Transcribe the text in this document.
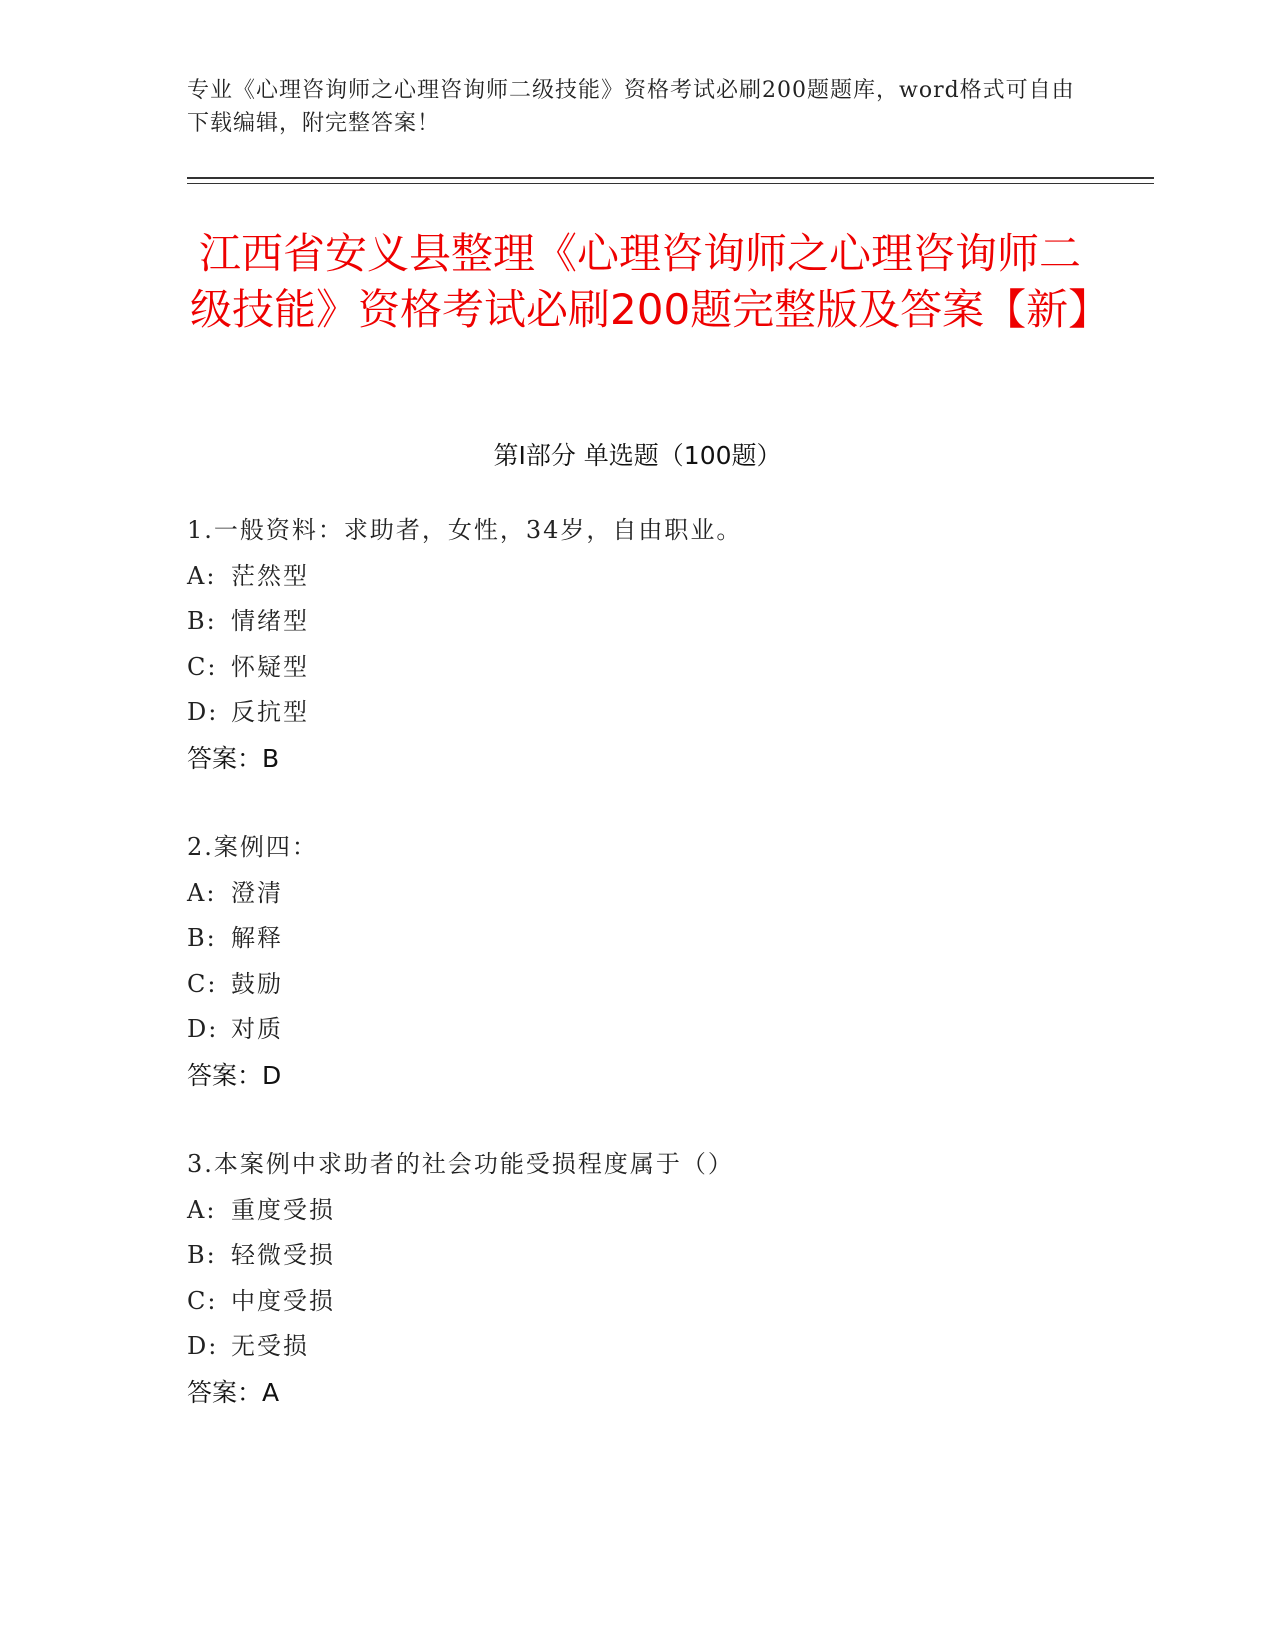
专业《心理咨询师之心理咨询师二级技能》资格考试必刷200题题库，word格式可自由下载编辑，附完整答案！
江西省安义县整理《心理咨询师之心理咨询师二级技能》资格考试必刷200题完整版及答案【新】
第Ⅰ部分 单选题（100题）
1.一般资料：求助者，女性，34岁，自由职业。
A: 茫然型
B: 情绪型
C: 怀疑型
D: 反抗型
答案：B
2.案例四：
A: 澄清
B: 解释
C: 鼓励
D: 对质
答案：D
3.本案例中求助者的社会功能受损程度属于（）
A: 重度受损
B: 轻微受损
C: 中度受损
D: 无受损
答案：A
